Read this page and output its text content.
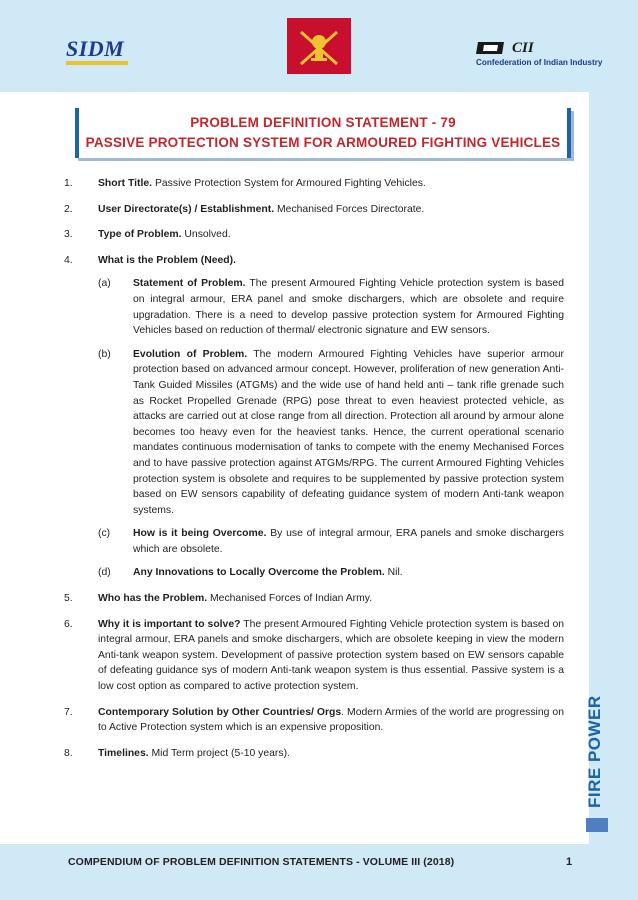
SIDM	CII
Confederation of Indian Industry
PROBLEM DEFINITION STATEMENT - 79
PASSIVE PROTECTION SYSTEM FOR ARMOURED FIGHTING VEHICLES
1. Short Title. Passive Protection System for Armoured Fighting Vehicles.
2. User Directorate(s) / Establishment. Mechanised Forces Directorate.
3. Type of Problem. Unsolved.
4. What is the Problem (Need).
(a) Statement of Problem. The present Armoured Fighting Vehicle protection system is based on integral armour, ERA panel and smoke dischargers, which are obsolete and require upgradation. There is a need to develop passive protection system for Armoured Fighting Vehicles based on reduction of thermal/ electronic signature and EW sensors.
(b) Evolution of Problem. The modern Armoured Fighting Vehicles have superior armour protection based on advanced armour concept. However, proliferation of new generation Anti-Tank Guided Missiles (ATGMs) and the wide use of hand held anti – tank rifle grenade such as Rocket Propelled Grenade (RPG) pose threat to even heaviest protected vehicle, as attacks are carried out at close range from all direction. Protection all around by armour alone becomes too heavy even for the heaviest tanks. Hence, the current operational scenario mandates continuous modernisation of tanks to compete with the enemy Mechanised Forces and to have passive protection against ATGMs/RPG. The current Armoured Fighting Vehicles protection system is obsolete and requires to be supplemented by passive protection system based on EW sensors capability of defeating guidance system of modern Anti-tank weapon systems.
(c) How is it being Overcome. By use of integral armour, ERA panels and smoke dischargers which are obsolete.
(d) Any Innovations to Locally Overcome the Problem. Nil.
5. Who has the Problem. Mechanised Forces of Indian Army.
6. Why it is important to solve? The present Armoured Fighting Vehicle protection system is based on integral armour, ERA panels and smoke dischargers, which are obsolete keeping in view the modern Anti-tank weapon system. Development of passive protection system based on EW sensors capable of defeating guidance sys of modern Anti-tank weapon system is thus essential. Passive system is a low cost option as compared to active protection system.
7. Contemporary Solution by Other Countries/ Orgs. Modern Armies of the world are progressing on to Active Protection system which is an expensive proposition.
8. Timelines. Mid Term project (5-10 years).	FIRE POWER
COMPENDIUM OF PROBLEM DEFINITION STATEMENTS - VOLUME III (2018)	1
